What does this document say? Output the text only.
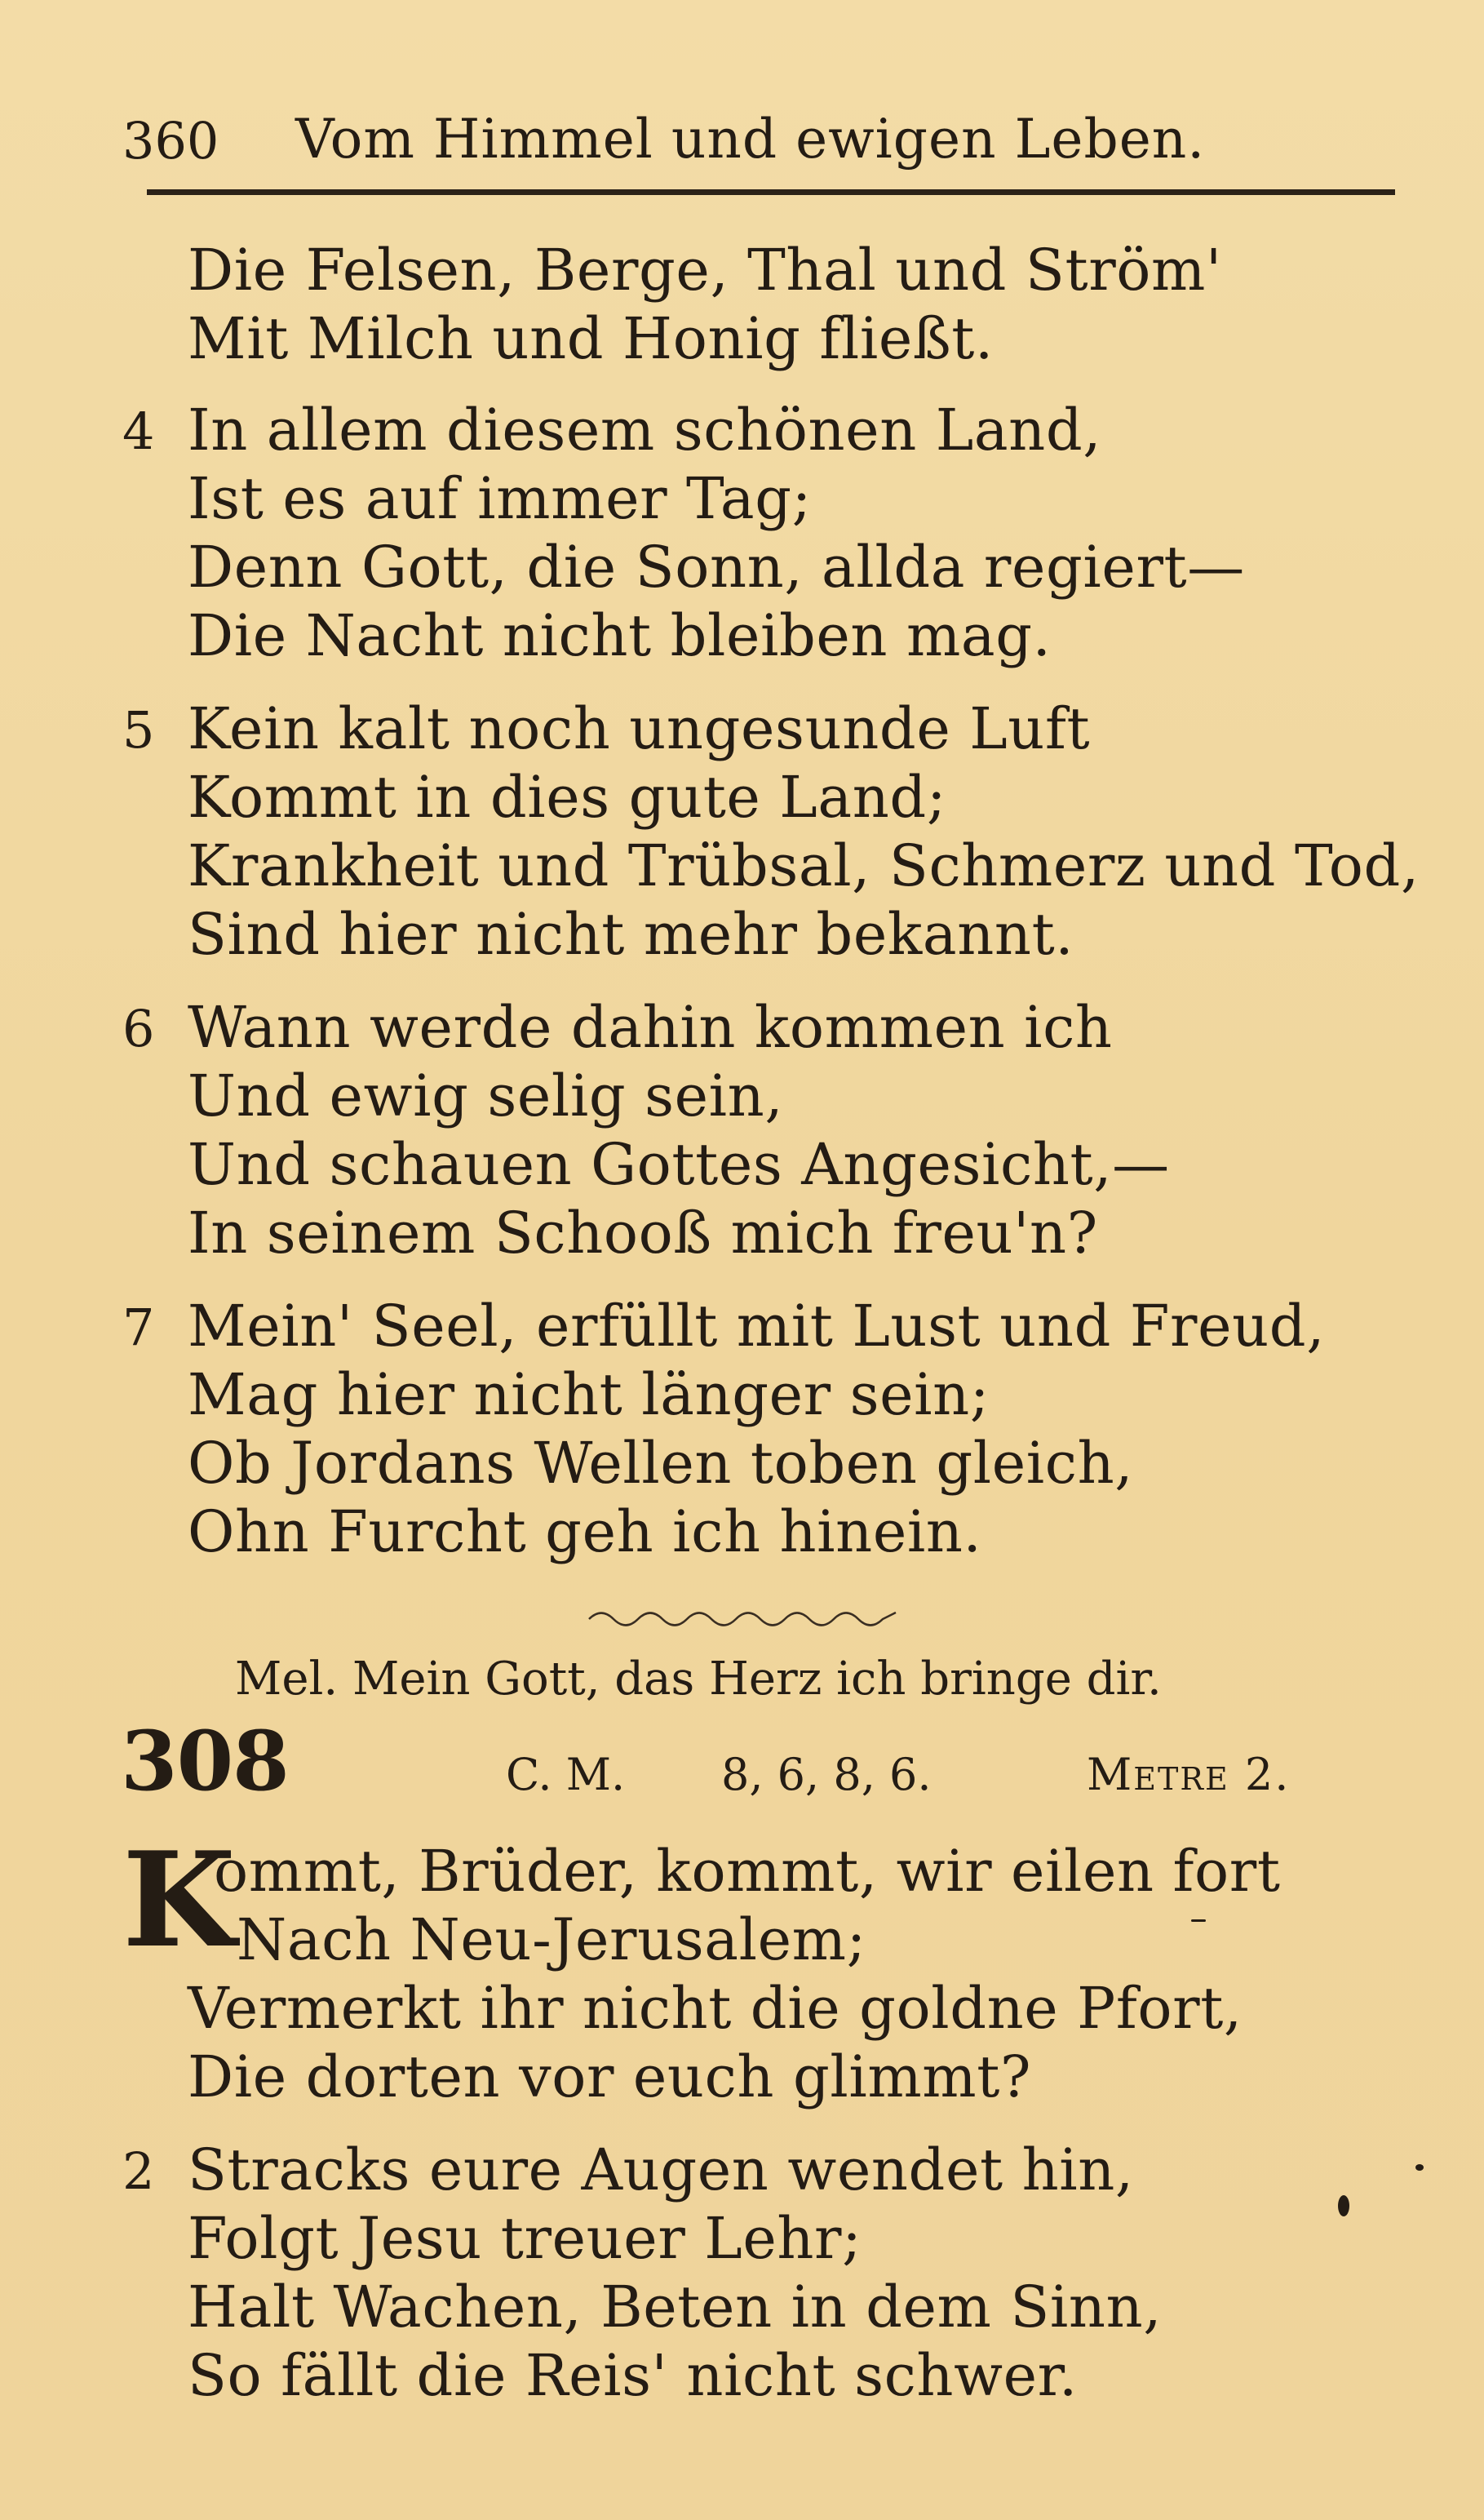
360 Vom Himmel und ewigen Leben.
Die Felsen, Berge, Thal und Ström'
Mit Milch und Honig fließt.
4 In allem diesem schönen Land,
Ist es auf immer Tag;
Denn Gott, die Sonn, allda regiert—
Die Nacht nicht bleiben mag.
5 Kein kalt noch ungesunde Luft
Kommt in dies gute Land;
Krankheit und Trübsal, Schmerz und Tod,
Sind hier nicht mehr bekannt.
6 Wann werde dahin kommen ich
Und ewig selig sein,
Und schauen Gottes Angesicht,—
In seinem Schooß mich freu'n?
7 Mein' Seel, erfüllt mit Lust und Freud,
Mag hier nicht länger sein;
Ob Jordans Wellen toben gleich,
Ohn Furcht geh ich hinein.
Mel. Mein Gott, das Herz ich bringe dir.
308	C. M. 8, 6, 8, 6.	Metre 2.
K
ommt, Brüder, kommt, wir eilen fort
Nach Neu-Jerusalem;
Vermerkt ihr nicht die goldne Pfort,
Die dorten vor euch glimmt?
2 Stracks eure Augen wendet hin,
Folgt Jesu treuer Lehr;
Halt Wachen, Beten in dem Sinn,
So fällt die Reis' nicht schwer.
